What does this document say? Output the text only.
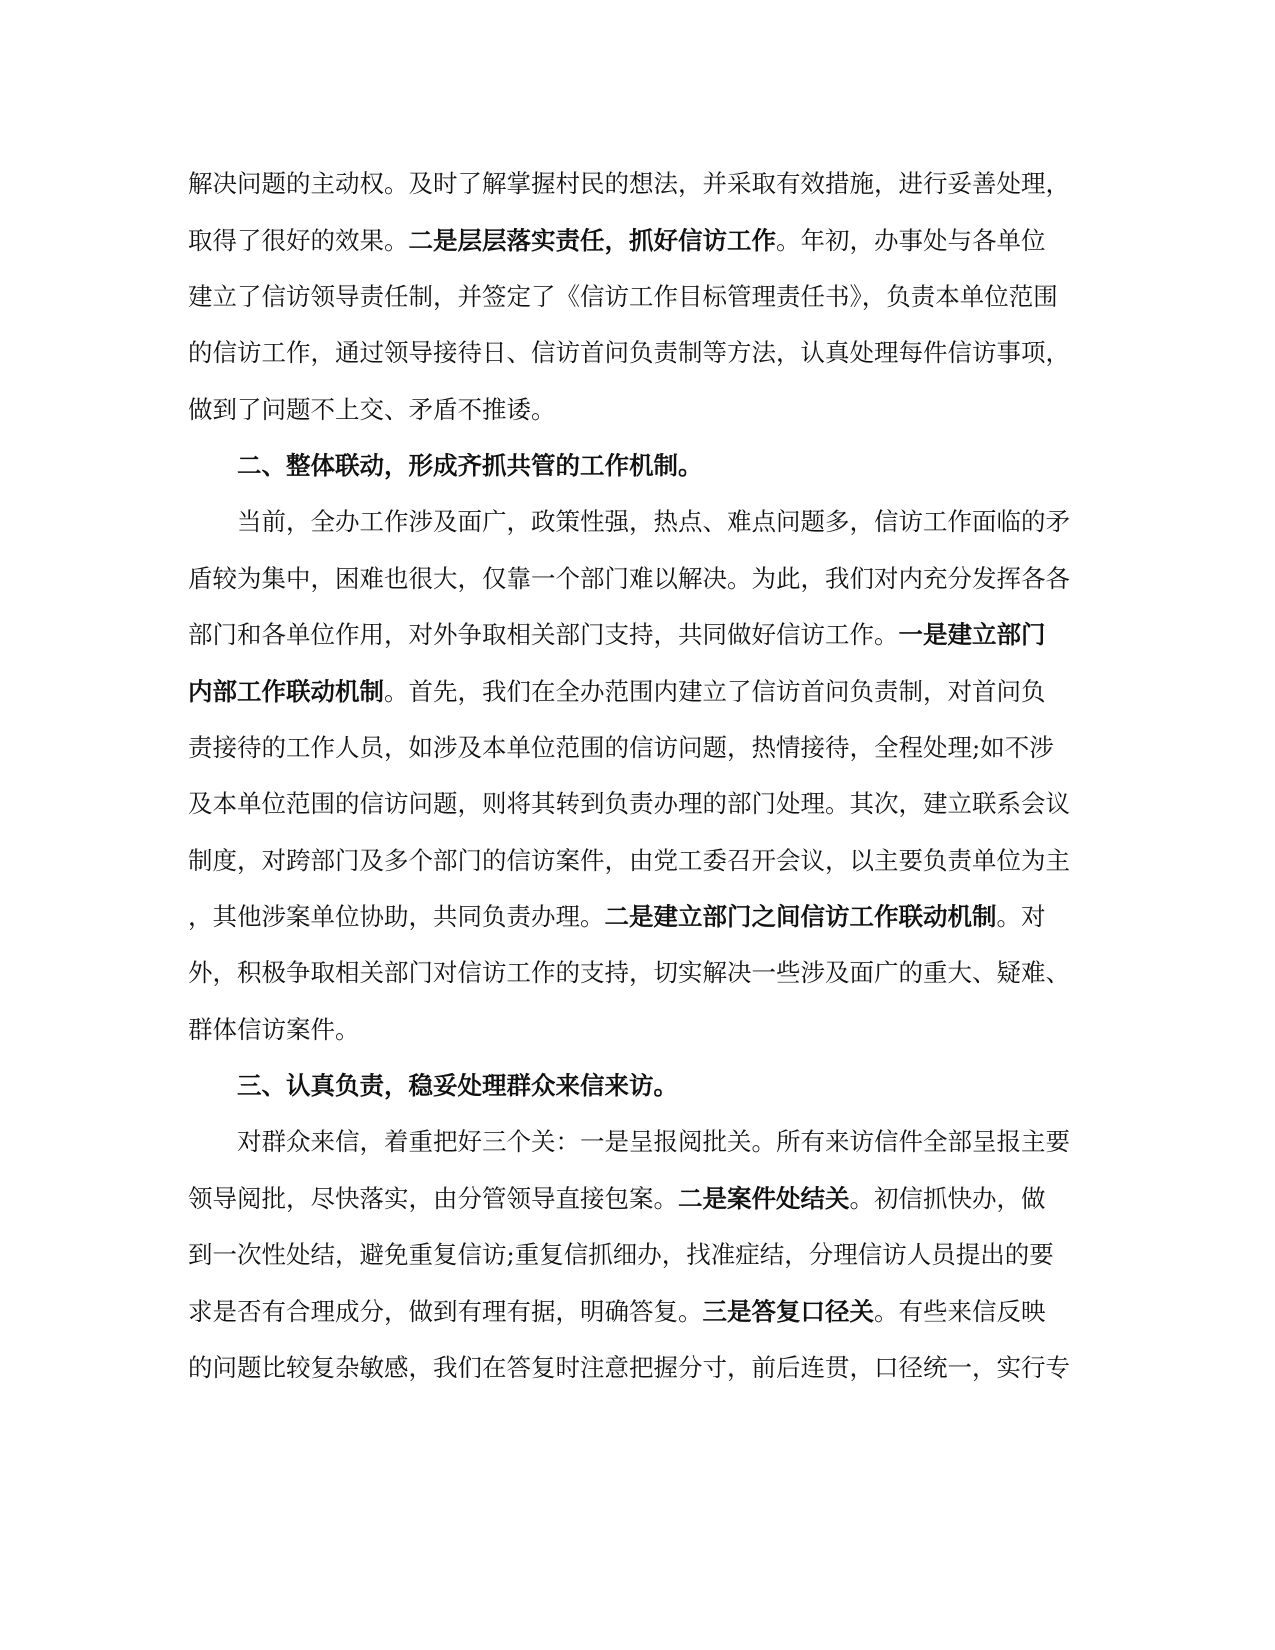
解决问题的主动权。及时了解掌握村民的想法，并采取有效措施，进行妥善处理，

取得了很好的效果。二是层层落实责任，抓好信访工作。年初，办事处与各单位

建立了信访领导责任制，并签定了《信访工作目标管理责任书》，负责本单位范围

的信访工作，通过领导接待日、信访首问负责制等方法，认真处理每件信访事项，

做到了问题不上交、矛盾不推诿。

二、整体联动，形成齐抓共管的工作机制。

当前，全办工作涉及面广，政策性强，热点、难点问题多，信访工作面临的矛

盾较为集中，困难也很大，仅靠一个部门难以解决。为此，我们对内充分发挥各各

部门和各单位作用，对外争取相关部门支持，共同做好信访工作。一是建立部门

内部工作联动机制。首先，我们在全办范围内建立了信访首问负责制，对首问负

责接待的工作人员，如涉及本单位范围的信访问题，热情接待，全程处理;如不涉

及本单位范围的信访问题，则将其转到负责办理的部门处理。其次，建立联系会议

制度，对跨部门及多个部门的信访案件，由党工委召开会议，以主要负责单位为主

，其他涉案单位协助，共同负责办理。二是建立部门之间信访工作联动机制。对

外，积极争取相关部门对信访工作的支持，切实解决一些涉及面广的重大、疑难、

群体信访案件。

三、认真负责，稳妥处理群众来信来访。

对群众来信，着重把好三个关：一是呈报阅批关。所有来访信件全部呈报主要

领导阅批，尽快落实，由分管领导直接包案。二是案件处结关。初信抓快办，做

到一次性处结，避免重复信访;重复信抓细办，找准症结，分理信访人员提出的要

求是否有合理成分，做到有理有据，明确答复。三是答复口径关。有些来信反映

的问题比较复杂敏感，我们在答复时注意把握分寸，前后连贯，口径统一，实行专
